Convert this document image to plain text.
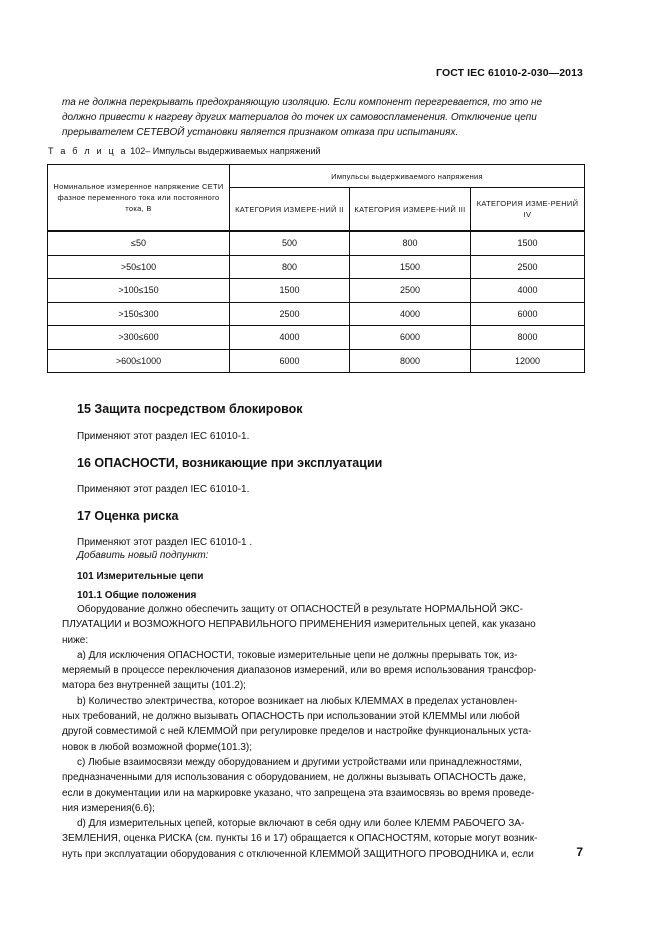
ГОСТ IEC 61010-2-030—2013
та не должна перекрывать предохраняющую изоляцию. Если компонент перегревается, то это не
должно привести к нагреву других материалов до точек их самовоспламенения. Отключение цепи
прерывателем СЕТЕВОЙ установки является признаком отказа при испытаниях.
Т а б л и ц а 102– Импульсы выдерживаемых напряжений
Номинальное измеренное напряжение СЕТИ фазное переменного тока или постоянного тока, В	Импульсы выдерживаемого напряжения		
	КАТЕГОРИЯ ИЗМЕРЕ-НИЙ II	КАТЕГОРИЯ ИЗМЕРЕ-НИЙ III	КАТЕГОРИЯ ИЗМЕ-РЕНИЙ IV
≤50	500	800	1500
>50≤100	800	1500	2500
>100≤150	1500	2500	4000
>150≤300	2500	4000	6000
>300≤600	4000	6000	8000
>600≤1000	6000	8000	12000
15 Защита посредством блокировок
Применяют этот раздел IEC 61010-1.
16 ОПАСНОСТИ, возникающие при эксплуатации
Применяют этот раздел IEC 61010-1.
17 Оценка риска
Применяют этот раздел IEC 61010-1 .
Добавить новый подпункт:
101 Измерительные цепи
101.1 Общие положения
Оборудование должно обеспечить защиту от ОПАСНОСТЕЙ в результате НОРМАЛЬНОЙ ЭКС-
ПЛУАТАЦИИ и ВОЗМОЖНОГО НЕПРАВИЛЬНОГО ПРИМЕНЕНИЯ измерительных цепей, как указано
ниже:
a) Для исключения ОПАСНОСТИ, токовые измерительные цепи не должны прерывать ток, из-
меряемый в процессе переключения диапазонов измерений, или во время использования трансфор-
матора без внутренней защиты (101.2);
b) Количество электричества, которое возникает на любых КЛЕММАХ в пределах установлен-
ных требований, не должно вызывать ОПАСНОСТЬ при использовании этой КЛЕММЫ или любой
другой совместимой с ней КЛЕММОЙ при регулировке пределов и настройке функциональных уста-
новок в любой возможной форме(101.3);
c) Любые взаимосвязи между оборудованием и другими устройствами или принадлежностями,
предназначенными для использования с оборудованием, не должны вызывать ОПАСНОСТЬ даже,
если в документации или на маркировке указано, что запрещена эта взаимосвязь во время проведе-
ния измерения(6.6);
d) Для измерительных цепей, которые включают в себя одну или более КЛЕММ РАБОЧЕГО ЗА-
ЗЕМЛЕНИЯ, оценка РИСКА (см. пункты 16 и 17) обращается к ОПАСНОСТЯМ, которые могут возник-
нуть при эксплуатации оборудования с отключенной КЛЕММОЙ ЗАЩИТНОГО ПРОВОДНИКА и, если	7
